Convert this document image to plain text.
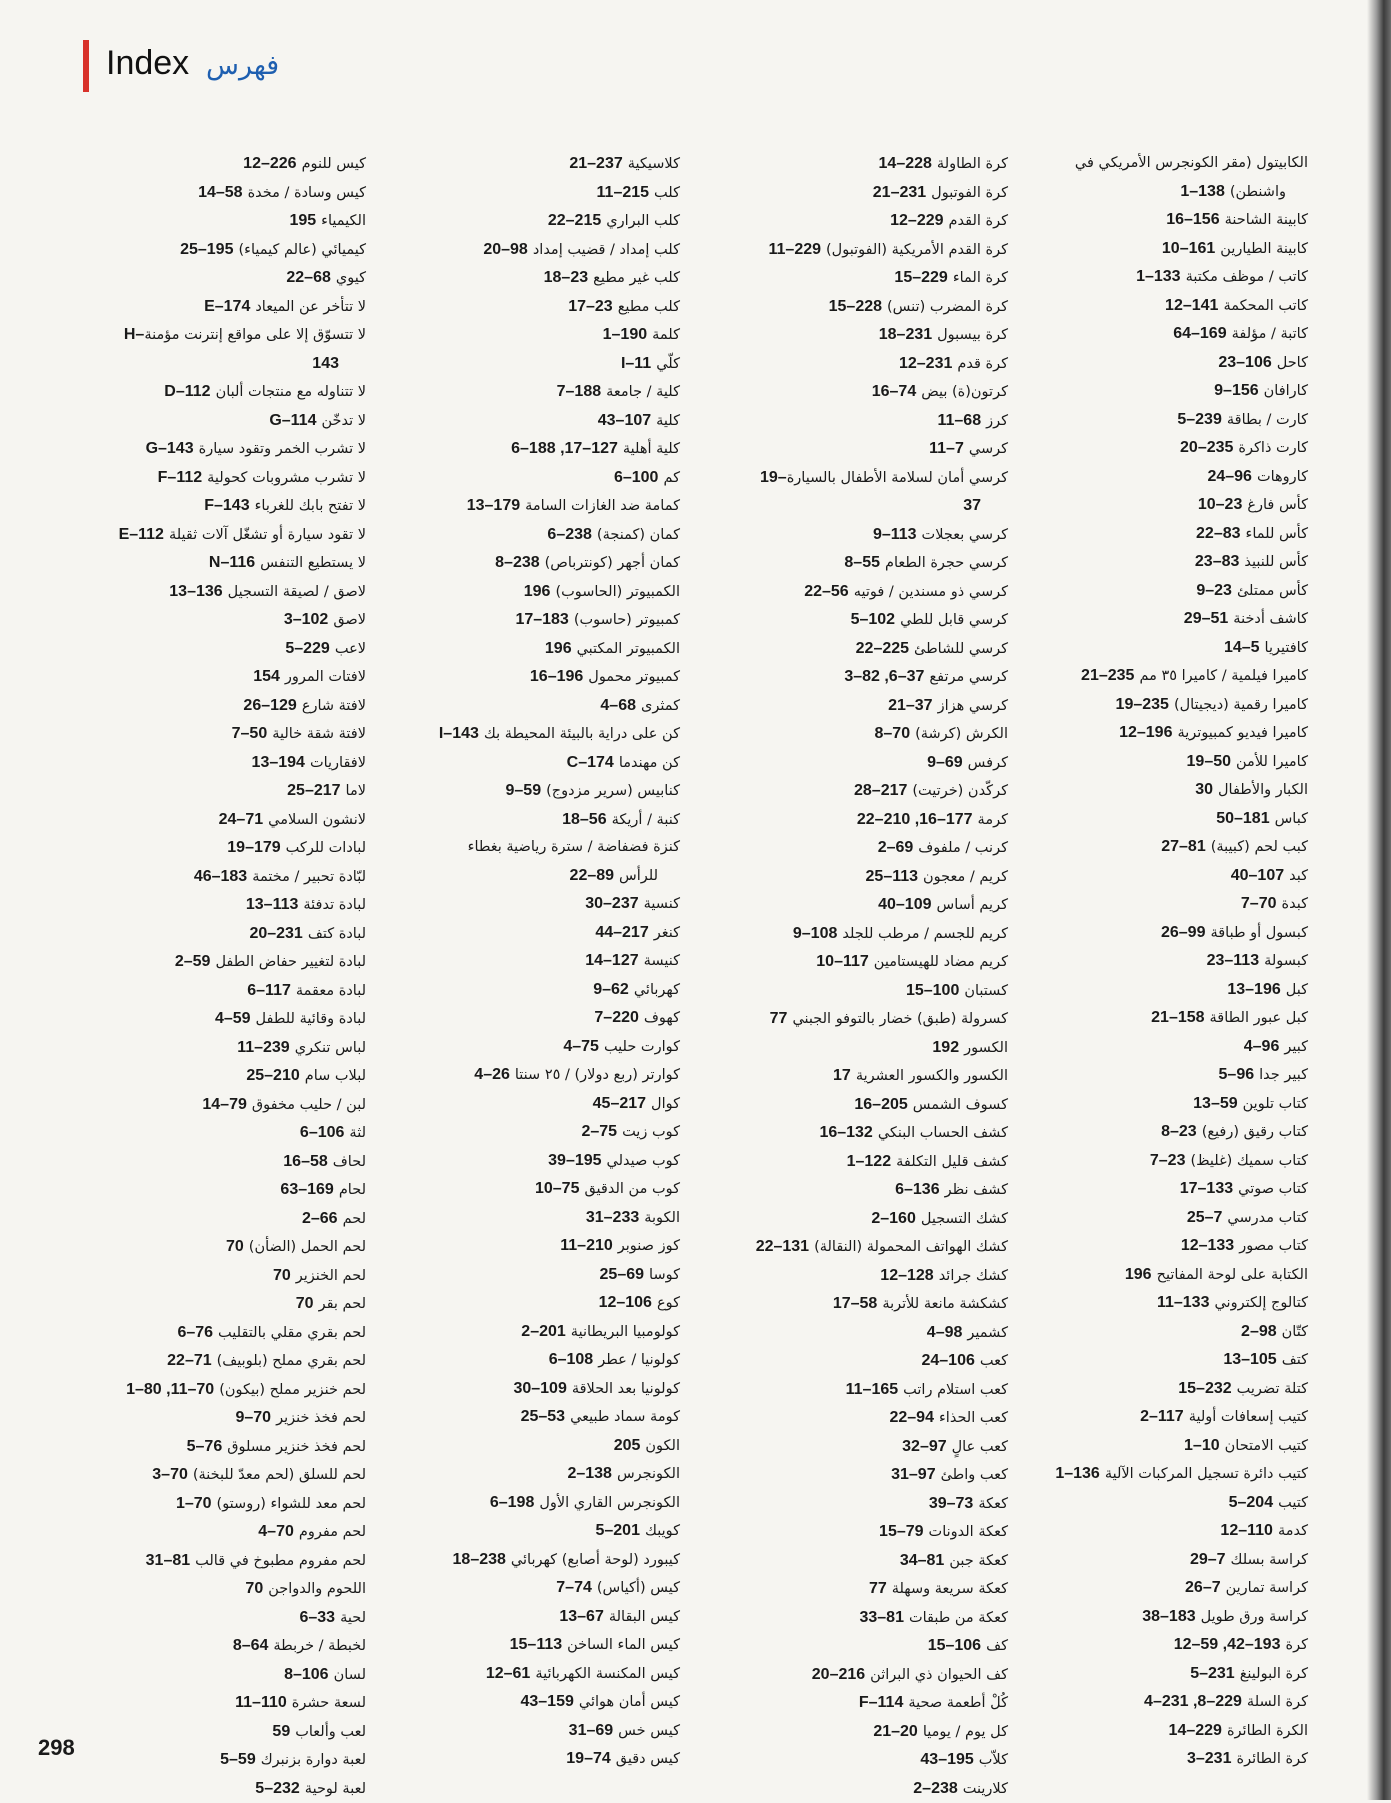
Index فهرس
الكابيتول (مقر الكونجرس الأمريكي في واشنطن)1–138
كابينة الشاحنة16–156
كابينة الطيارين10–161
كاتب / موظف مكتبة1–133
كاتب المحكمة12–141
كاتبة / مؤلفة64–169
كاحل23–106
كارافان9–156
كارت / بطاقة5–239
كارت ذاكرة20–235
كاروهات24–96
كأس فارغ10–23
كأس للماء22–83
كأس للنبيذ23–83
كأس ممتلئ9–23
كاشف أدخنة29–51
كافتيريا14–5
كاميرا فيلمية / كاميرا ٣٥ مم21–235
كاميرا رقمية (ديجيتال)19–235
كاميرا فيديو كمبيوترية12–196
كاميرا للأمن19–50
الكبار والأطفال30
كباس50–181
كبب لحم (كبيبة)27–81
كبد40–107
كبدة7–70
كبسول أو طباقة26–99
كبسولة23–113
كبل13–196
كبل عبور الطاقة21–158
كبير4–96
كبير جدا5–96
كتاب تلوين13–59
كتاب رقيق (رفيع)8–23
كتاب سميك (غليظ)7–23
كتاب صوتي17–133
كتاب مدرسي25–7
كتاب مصور12–133
الكتابة على لوحة المفاتيح196
كتالوج إلكتروني11–133
كتّان2–98
كتف13–105
كتلة تضريب15–232
كتيب إسعافات أولية2–117
كتيب الامتحان1–10
كتيب دائرة تسجيل المركبات الآلية1–136
كتيب5–204
كدمة12–110
كراسة بسلك29–7
كراسة تمارين26–7
كراسة ورق طويل38–183
كرة12–59 ,42–193
كرة البولينغ5–231
كرة السلة4–231 ,8–229
الكرة الطائرة14–229
كرة الطائرة3–231
كرة الطاولة14–228
كرة الفوتبول21–231
كرة القدم12–229
كرة القدم الأمريكية (الفوتبول)11–229
كرة الماء15–229
كرة المضرب (تنس)15–228
كرة بيسبول18–231
كرة قدم12–231
كرتون(ة) بيض16–74
كرز11–68
كرسي11–7
كرسي أمان لسلامة الأطفال بالسيارة19–37
كرسي بعجلات9–113
كرسي حجرة الطعام8–55
كرسي ذو مسندين / فوتيه22–56
كرسي قابل للطي5–102
كرسي للشاطئ22–225
كرسي مرتفع3–82 ,6–37
كرسي هزاز21–37
الكرش (كرشة)8–70
كرفس9–69
كركّدن (خرتيت)28–217
كرمة22–210 ,16–177
كرنب / ملفوف2–69
كريم / معجون25–113
كريم أساس40–109
كريم للجسم / مرطب للجلد9–108
كريم مضاد للهيستامين10–117
كستبان15–100
كسرولة (طبق) خضار بالتوفو الجبني77
الكسور192
الكسور والكسور العشرية17
كسوف الشمس16–205
كشف الحساب البنكي16–132
كشف قليل التكلفة1–122
كشف نظر6–136
كشك التسجيل2–160
كشك الهواتف المحمولة (النقالة)22–131
كشك جرائد12–128
كشكشة مانعة للأتربة17–58
كشمير4–98
كعب24–106
كعب استلام راتب11–165
كعب الحذاء22–94
كعب عالٍ32–97
كعب واطئ31–97
كعكة39–73
كعكة الدونات15–79
كعكة جبن34–81
كعكة سريعة وسهلة77
كعكة من طبقات33–81
كف15–106
كف الحيوان ذي البراثن20–216
كُلْ أطعمة صحيةF–114
كل يوم / يوميا21–20
كلاّب43–195
كلارينت2–238
كلاسيكية21–237
كلب11–215
كلب البراري22–215
كلب إمداد / قضيب إمداد20–98
كلب غير مطيع18–23
كلب مطيع17–23
كلمة1–190
كلّيI–11
كلية / جامعة7–188
كلية43–107
كلية أهلية6–188 ,17–127
كم6–100
كمامة ضد الغازات السامة13–179
كمان (كمنجة)6–238
كمان أجهر (كونترباص)8–238
الكمبيوتر (الحاسوب)196
كمبيوتر (حاسوب)17–183
الكمبيوتر المكتبي196
كمبيوتر محمول16–196
كمثرى4–68
كن على دراية بالبيئة المحيطة بكI–143
كن مهندماC–174
كنابيس (سرير مزدوج)9–59
كنبة / أريكة18–56
كنزة فضفاضة / سترة رياضية بغطاء للرأس22–89
كنسية30–237
كنغر44–217
كنيسة14–127
كهربائي9–62
كهوف7–220
كوارت حليب4–75
كوارتر (ربع دولار) / ٢٥ سنتا4–26
كوال45–217
كوب زيت2–75
كوب صيدلي39–195
كوب من الدقيق10–75
الكوبة31–233
كوز صنوبر11–210
كوسا25–69
كوع12–106
كولومبيا البريطانية2–201
كولونيا / عطر6–108
كولونيا بعد الحلاقة30–109
كومة سماد طبيعي25–53
الكون205
الكونجرس2–138
الكونجرس القاري الأول6–198
كويبك5–201
كيبورد (لوحة أصابع) كهربائي18–238
كيس (أكياس)7–74
كيس البقالة13–67
كيس الماء الساخن15–113
كيس المكنسة الكهربائية12–61
كيس أمان هوائي43–159
كيس خس31–69
كيس دقيق19–74
كيس للنوم12–226
كيس وسادة / مخدة14–58
الكيمياء195
كيميائي (عالم كيمياء)25–195
كيوي22–68
لا تتأخر عن الميعادE–174
لا تتسوّق إلا على مواقع إنترنت مؤمنةH–143
لا تتناوله مع منتجات ألبانD–112
لا تدخّنG–114
لا تشرب الخمر وتقود سيارةG–143
لا تشرب مشروبات كحوليةF–112
لا تفتح بابك للغرباءF–143
لا تقود سيارة أو تشغّل آلات ثقيلةE–112
لا يستطيع التنفسN–116
لاصق / لصيقة التسجيل13–136
لاصق3–102
لاعب5–229
لافتات المرور154
لافتة شارع26–129
لافتة شقة خالية7–50
لافقاريات13–194
لاما25–217
لانشون السلامي24–71
لبادات للركب19–179
لبّادة تحبير / مختمة46–183
لبادة تدفئة13–113
لبادة كتف20–231
لبادة لتغيير حفاض الطفل2–59
لبادة معقمة6–117
لبادة وقائية للطفل4–59
لباس تنكري11–239
لبلاب سام25–210
لبن / حليب مخفوق14–79
لثة6–106
لحاف16–58
لحام63–169
لحم2–66
لحم الحمل (الضأن)70
لحم الخنزير70
لحم بقر70
لحم بقري مقلي بالتقليب6–76
لحم بقري مملح (بلوبيف)22–71
لحم خنزير مملح (بيكون)1–80 ,11–70
لحم فخذ خنزير9–70
لحم فخذ خنزير مسلوق5–76
لحم للسلق (لحم معدّ للبخنة)3–70
لحم معد للشواء (روستو)1–70
لحم مفروم4–70
لحم مفروم مطبوخ في قالب31–81
اللحوم والدواجن70
لحية6–33
لخبطة / خربطة8–64
لسان8–106
لسعة حشرة11–110
لعب وألعاب59
لعبة دوارة بزنبرك5–59
لعبة لوحية5–232
298
